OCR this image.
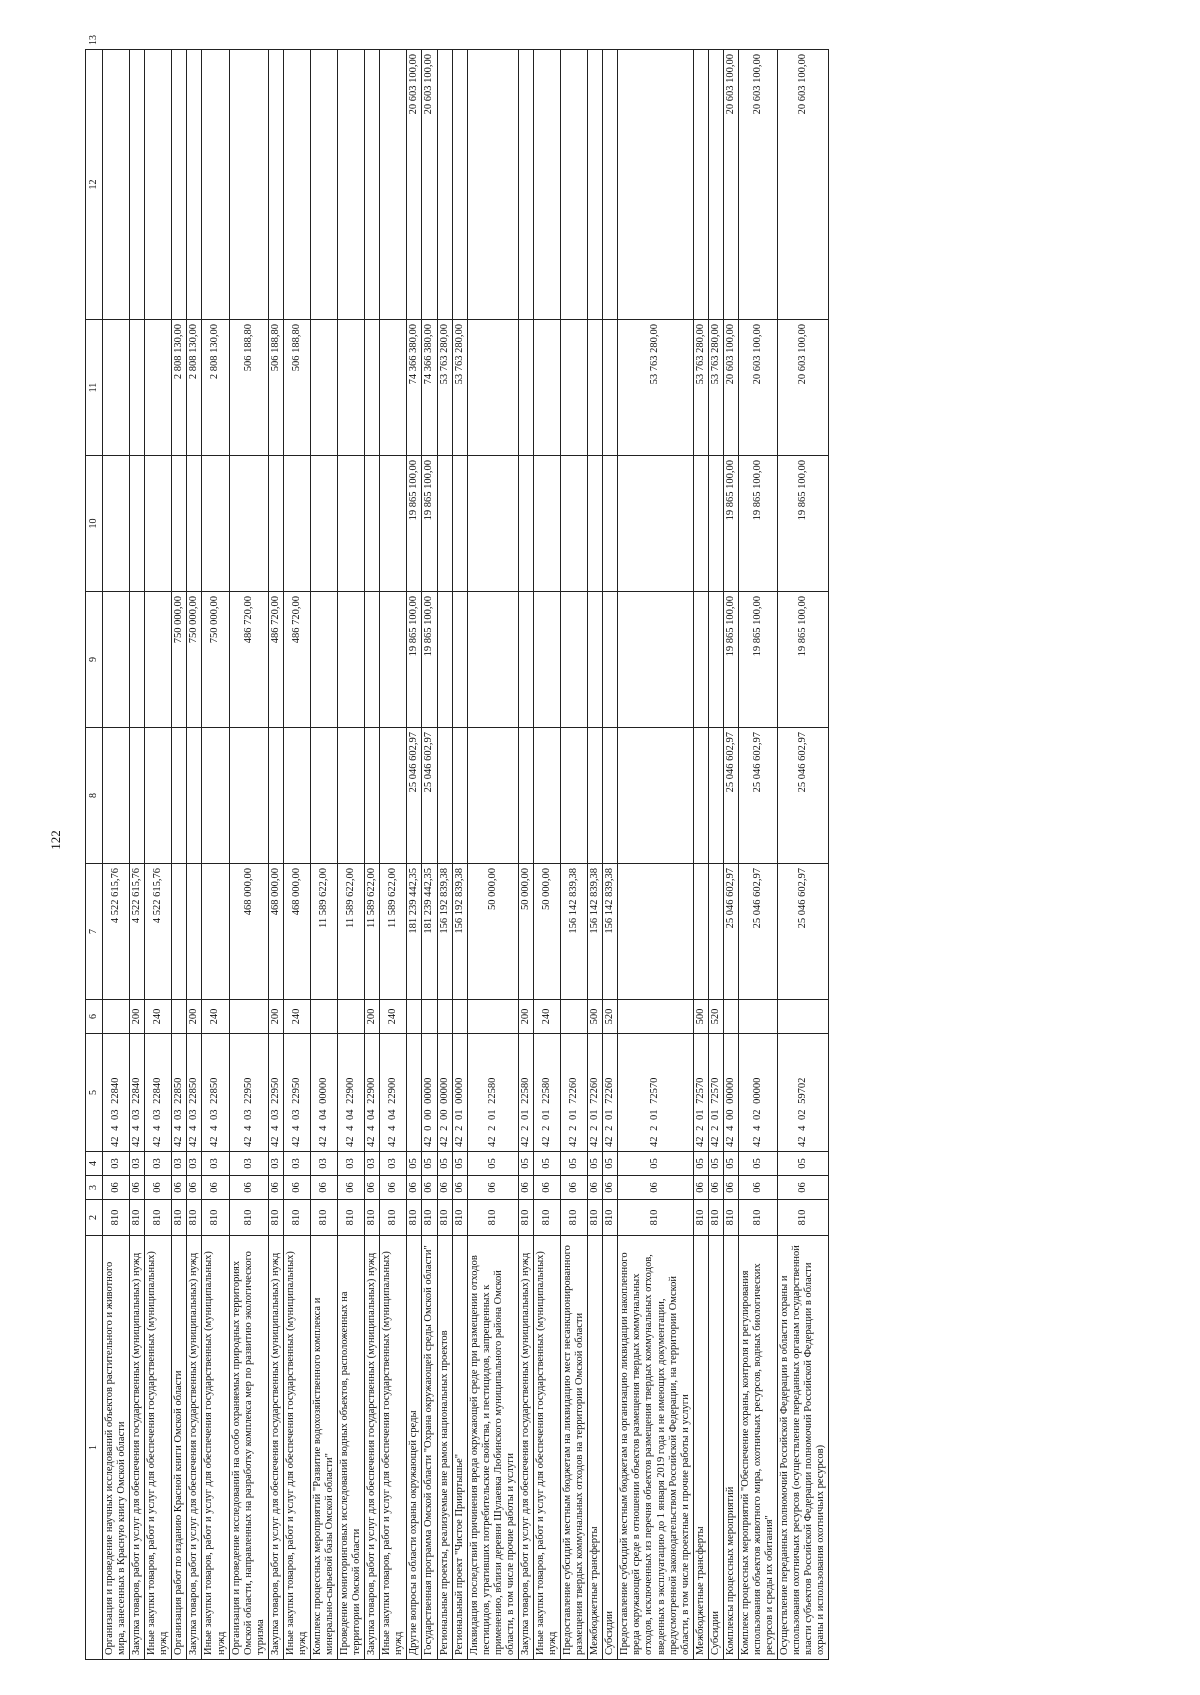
122
1	2	3	4	5	6	7	8	9	10	11	12	13
Организация и проведение научных исследований объектов растительного и животного мира, занесенных в Красную книгу Омской области	810	06	03	42 4 03 22840		4 522 615,76						
Закупка товаров, работ и услуг для обеспечения государственных (муниципальных) нужд	810	06	03	42 4 03 22840	200	4 522 615,76						
Иные закупки товаров, работ и услуг для обеспечения государственных (муниципальных) нужд	810	06	03	42 4 03 22840	240	4 522 615,76						
Организация работ по изданию Красной книги Омской области	810	06	03	42 4 03 22850				750 000,00		2 808 130,00		
Закупка товаров, работ и услуг для обеспечения государственных (муниципальных) нужд	810	06	03	42 4 03 22850	200			750 000,00		2 808 130,00		
Иные закупки товаров, работ и услуг для обеспечения государственных (муниципальных) нужд	810	06	03	42 4 03 22850	240			750 000,00		2 808 130,00		
Организация и проведение исследований на особо охраняемых природных территориях Омской области, направленных на разработку комплекса мер по развитию экологического туризма	810	06	03	42 4 03 22950		468 000,00		486 720,00		506 188,80		
Закупка товаров, работ и услуг для обеспечения государственных (муниципальных) нужд	810	06	03	42 4 03 22950	200	468 000,00		486 720,00		506 188,80		
Иные закупки товаров, работ и услуг для обеспечения государственных (муниципальных) нужд	810	06	03	42 4 03 22950	240	468 000,00		486 720,00		506 188,80		
Комплекс процессных мероприятий "Развитие водохозяйственного комплекса и минерально-сырьевой базы Омской области"	810	06	03	42 4 04 00000		11 589 622,00						
Проведение мониторинговых исследований водных объектов, расположенных на территории Омской области	810	06	03	42 4 04 22900		11 589 622,00						
Закупка товаров, работ и услуг для обеспечения государственных (муниципальных) нужд	810	06	03	42 4 04 22900	200	11 589 622,00						
Иные закупки товаров, работ и услуг для обеспечения государственных (муниципальных) нужд	810	06	03	42 4 04 22900	240	11 589 622,00						
Другие вопросы в области охраны окружающей среды	810	06	05			181 239 442,35	25 046 602,97	19 865 100,00	19 865 100,00	74 366 380,00	20 603 100,00	
Государственная программа Омской области "Охрана окружающей среды Омской области"	810	06	05	42 0 00 00000		181 239 442,35	25 046 602,97	19 865 100,00	19 865 100,00	74 366 380,00	20 603 100,00	
Региональные проекты, реализуемые вне рамок национальных проектов	810	06	05	42 2 00 00000		156 192 839,38				53 763 280,00		
Региональный проект "Чистое Прииртышье"	810	06	05	42 2 01 00000		156 192 839,38				53 763 280,00		
Ликвидация последствий причинения вреда окружающей среде при размещении отходов пестицидов, утративших потребительские свойства, и пестицидов, запрещенных к применению, вблизи деревни Шулаевка Любинского муниципального района Омской области, в том числе прочие работы и услуги	810	06	05	42 2 01 22580		50 000,00						
Закупка товаров, работ и услуг для обеспечения государственных (муниципальных) нужд	810	06	05	42 2 01 22580	200	50 000,00						
Иные закупки товаров, работ и услуг для обеспечения государственных (муниципальных) нужд	810	06	05	42 2 01 22580	240	50 000,00						
Предоставление субсидий местным бюджетам на ликвидацию мест несанкционированного размещения твердых коммунальных отходов на территории Омской области	810	06	05	42 2 01 72260		156 142 839,38						
Межбюджетные трансферты	810	06	05	42 2 01 72260	500	156 142 839,38						
Субсидии	810	06	05	42 2 01 72260	520	156 142 839,38						
Предоставление субсидий местным бюджетам на организацию ликвидации накопленного вреда окружающей среде в отношении объектов размещения твердых коммунальных отходов, исключенных из перечня объектов размещения твердых коммунальных отходов, введенных в эксплуатацию до 1 января 2019 года и не имеющих документации, предусмотренной законодательством Российской Федерации, на территории Омской области, в том числе проектные и прочие работы и услуги	810	06	05	42 2 01 72570						53 763 280,00		
Межбюджетные трансферты	810	06	05	42 2 01 72570	500					53 763 280,00		
Субсидии	810	06	05	42 2 01 72570	520					53 763 280,00		
Комплексы процессных мероприятий	810	06	05	42 4 00 00000		25 046 602,97	25 046 602,97	19 865 100,00	19 865 100,00	20 603 100,00	20 603 100,00	
Комплекс процессных мероприятий "Обеспечение охраны, контроля и регулирования использования объектов животного мира, охотничьих ресурсов, водных биологических ресурсов и среды их обитания"	810	06	05	42 4 02 00000		25 046 602,97	25 046 602,97	19 865 100,00	19 865 100,00	20 603 100,00	20 603 100,00	
Осуществление переданных полномочий Российской Федерации в области охраны и использования охотничьих ресурсов (осуществление переданных органам государственной власти субъектов Российской Федерации полномочий Российской Федерации в области охраны и использования охотничьих ресурсов)	810	06	05	42 4 02 59702		25 046 602,97	25 046 602,97	19 865 100,00	19 865 100,00	20 603 100,00	20 603 100,00	
